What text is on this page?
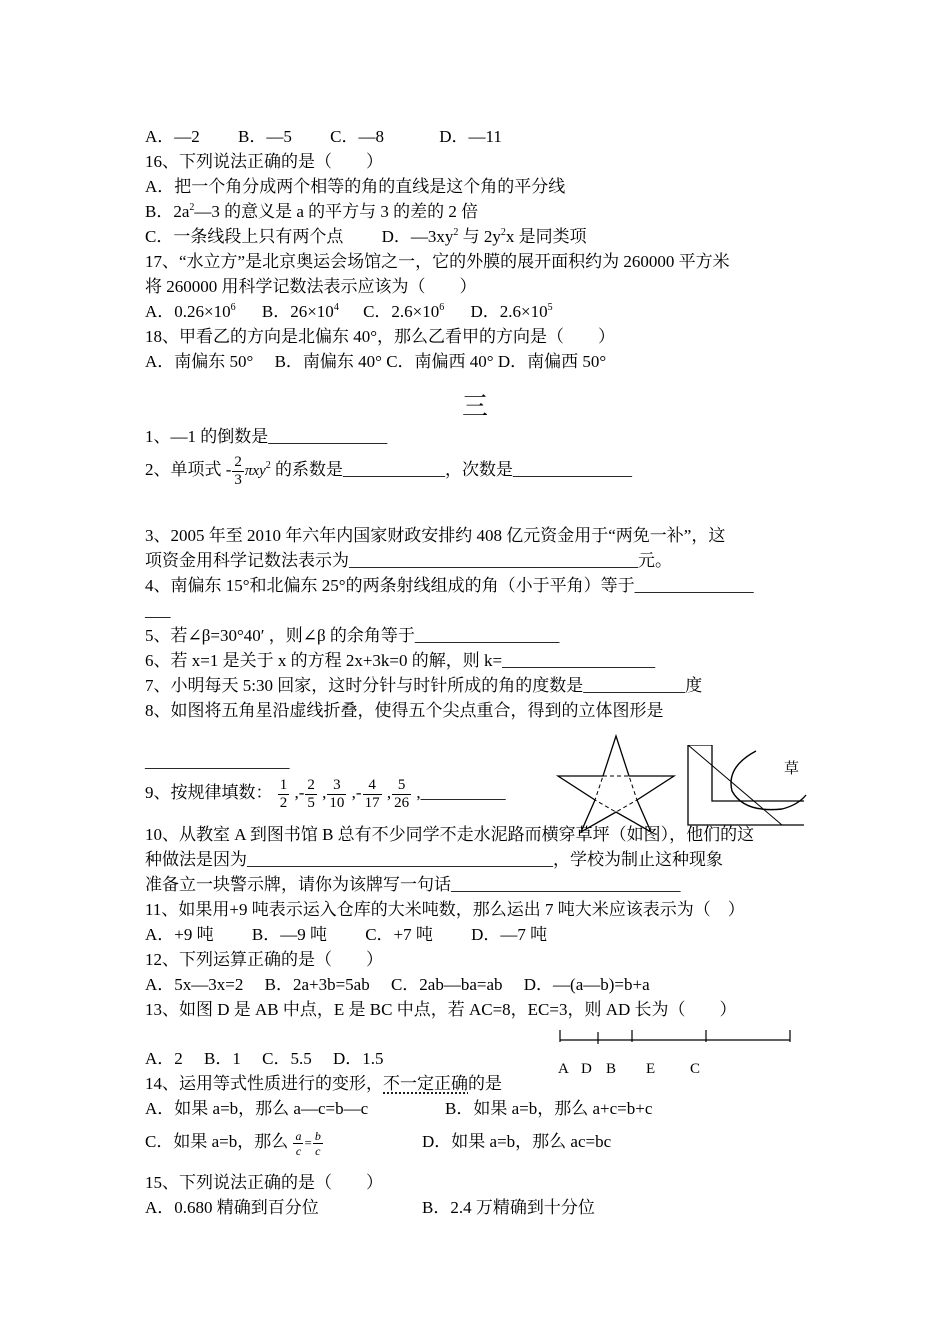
A．—2 　　B．—5 　　C．—8 　　　D．—11
16、下列说法正确的是（　　）
A．把一个角分成两个相等的角的直线是这个角的平分线
B．$2a^2—3$ 的意义是 a 的平方与 3 的差的 2 倍
C．一条线段上只有两个点 　　D．$—3xy^2$ 与 $2y^2x$ 是同类项
17、“水立方”是北京奥运会场馆之一，它的外膜的展开面积约为 260000 平方米
将 260000 用科学记数法表示应该为（　　）
A．$0.26\times 10^6$ B．$26\times 10^4$ C．$2.6\times 10^6$ D．$2.6\times 10^5$
18、甲看乙的方向是北偏东 40°，那么乙看甲的方向是（　　）
A．南偏东 50° 　B．南偏东 40° C．南偏西 40° D．南偏西 50°
三
1、—1 的倒数是______________
2、单项式 - $\frac{2}{3} \pi xy^2$ 的系数是____________，次数是______________
3、2005 年至 2010 年六年内国家财政安排约 408 亿元资金用于“两免一补”，这
项资金用科学记数法表示为__________________________________元。
4、南偏东 15°和北偏东 25°的两条射线组成的角（小于平角）等于______________
___
5、若∠β=30°40′ ，则∠β 的余角等于_________________
6、若 x=1 是关于 x 的方程 2x+3k=0 的解，则 k=__________________
7、小明每天 5:30 回家，这时分针与时针所成的角的度数是____________度
8、如图将五角星沿虚线折叠，使得五个尖点重合，得到的立体图形是
_________________
9、按规律填数： $\frac{1}{2}$ ,- $\frac{2}{5}$ , $\frac{3}{10}$ ,- $\frac{4}{17}$ , $\frac{5}{26}$ ,__________
草
10、从教室 A 到图书馆 B 总有不少同学不走水泥路而横穿草坪（如图），他们的这
种做法是因为____________________________________，学校为制止这种现象
准备立一块警示牌，请你为该牌写一句话___________________________
11、如果用+9 吨表示运入仓库的大米吨数，那么运出 7 吨大米应该表示为（　）
A．+9 吨 　　B．—9 吨 　　C．+7 吨 　　D．—7 吨
12、下列运算正确的是（　　）
A．5x—3x=2 　B．2a+3b=5ab 　C．2ab—ba=ab 　D．—(a—b)=b+a
13、如图 D 是 AB 中点，E 是 BC 中点，若 AC=8，EC=3，则 AD 长为（　　）
A D B E C
A．2 　B．1 　C．5.5 　D．1.5
14、运用等式性质进行的变形，不一定正确的是
A．如果 a=b，那么 a—c=b—c	B．如果 a=b，那么 a+c=b+c
C．如果 a=b，那么 $\frac{a}{c} = \frac{b}{c}$	D．如果 a=b，那么 ac=bc
15、下列说法正确的是（　　）
A．0.680 精确到百分位	B．2.4 万精确到十分位
